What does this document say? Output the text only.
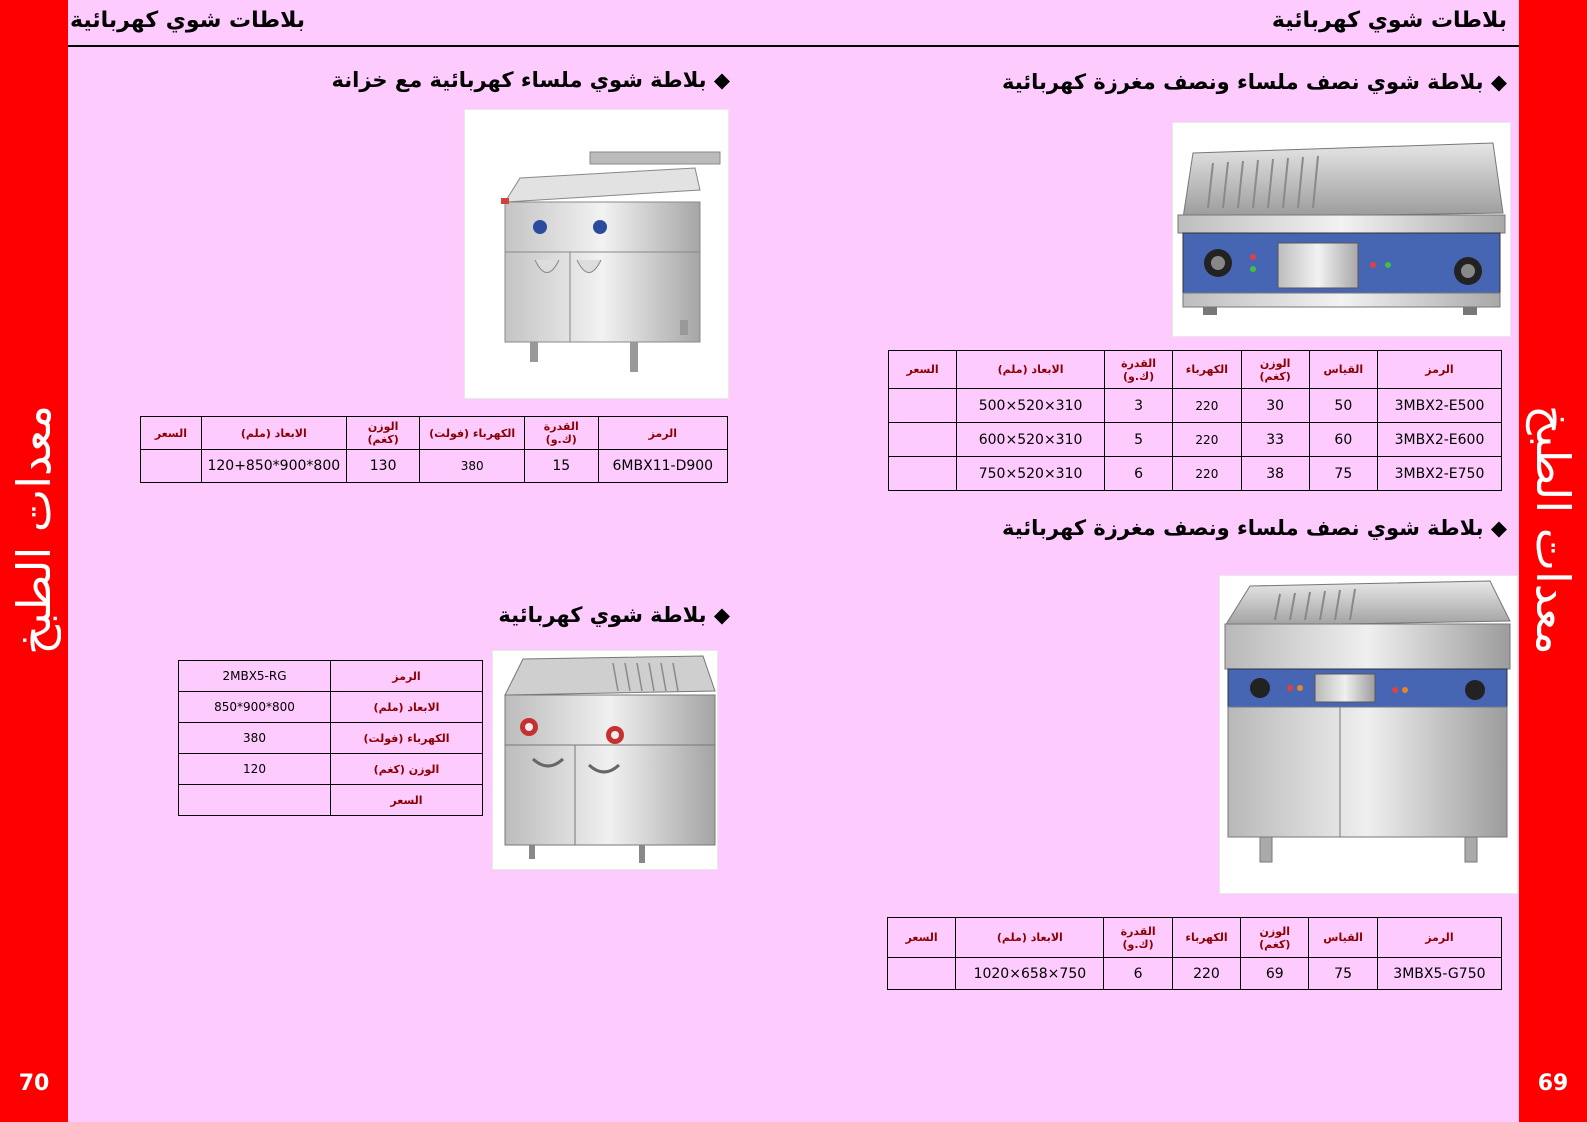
معدات الطبخ
70
معدات الطبخ
69
بلاطات شوي كهربائية	بلاطات شوي كهربائية
◆ بلاطة شوي نصف ملساء ونصف مغرزة كهربائية
الرمز	القياس	الوزن (كغم)	الكهرباء	القدرة (ك.و)	الابعاد (ملم)	السعر
3MBX2-E500	50	30	220	3	310×520×500	
3MBX2-E600	60	33	220	5	310×520×600	
3MBX2-E750	75	38	220	6	310×520×750	
◆ بلاطة شوي نصف ملساء ونصف مغرزة كهربائية
الرمز	القياس	الوزن (كغم)	الكهرباء	القدرة (ك.و)	الابعاد (ملم)	السعر
3MBX5-G750	75	69	220	6	750×658×1020	
◆ بلاطة شوي ملساء كهربائية مع خزانة
الرمز	القدرة (ك.و)	الكهرباء (فولت)	الوزن (كغم)	الابعاد (ملم)	السعر
6MBX11-D900	15	380	130	800*900*120+850	
◆ بلاطة شوي كهربائية
الرمز	2MBX5-RG
الابعاد (ملم)	800*900*850
الكهرباء (فولت)	380
الوزن (كغم)	120
السعر	
